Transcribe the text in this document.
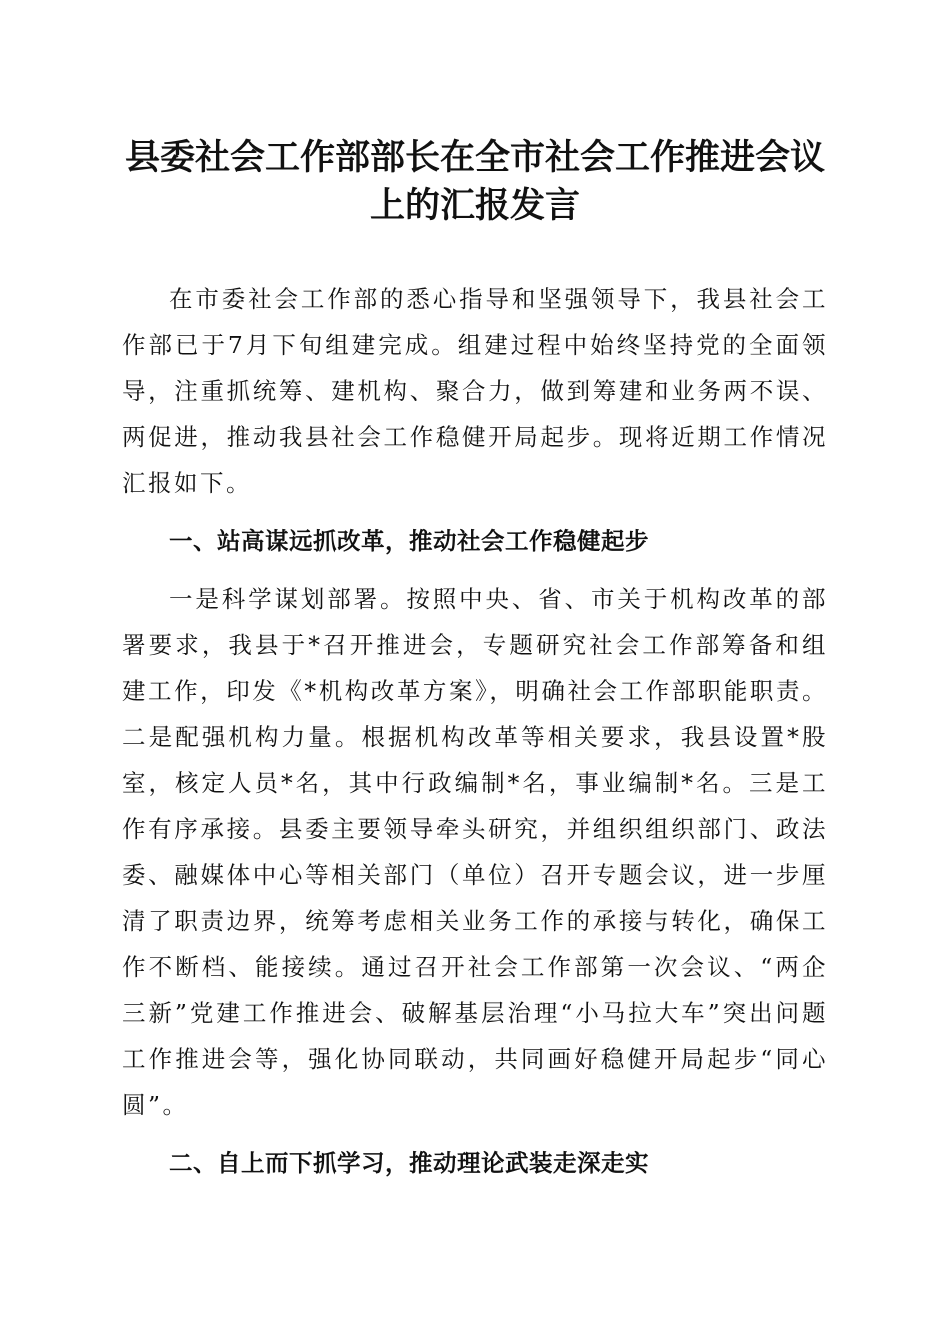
县委社会工作部部长在全市社会工作推进会议
上的汇报发言

在市委社会工作部的悉心指导和坚强领导下，我县社会工作部已于7月下旬组建完成。组建过程中始终坚持党的全面领导，注重抓统筹、建机构、聚合力，做到筹建和业务两不误、两促进，推动我县社会工作稳健开局起步。现将近期工作情况汇报如下。

一、站高谋远抓改革，推动社会工作稳健起步

一是科学谋划部署。按照中央、省、市关于机构改革的部署要求，我县于*召开推进会，专题研究社会工作部筹备和组建工作，印发《*机构改革方案》，明确社会工作部职能职责。二是配强机构力量。根据机构改革等相关要求，我县设置*股室，核定人员*名，其中行政编制*名，事业编制*名。三是工作有序承接。县委主要领导牵头研究，并组织组织部门、政法委、融媒体中心等相关部门（单位）召开专题会议，进一步厘清了职责边界，统筹考虑相关业务工作的承接与转化，确保工作不断档、能接续。通过召开社会工作部第一次会议、“两企三新”党建工作推进会、破解基层治理“小马拉大车”突出问题工作推进会等，强化协同联动，共同画好稳健开局起步“同心圆”。

二、自上而下抓学习，推动理论武装走深走实
